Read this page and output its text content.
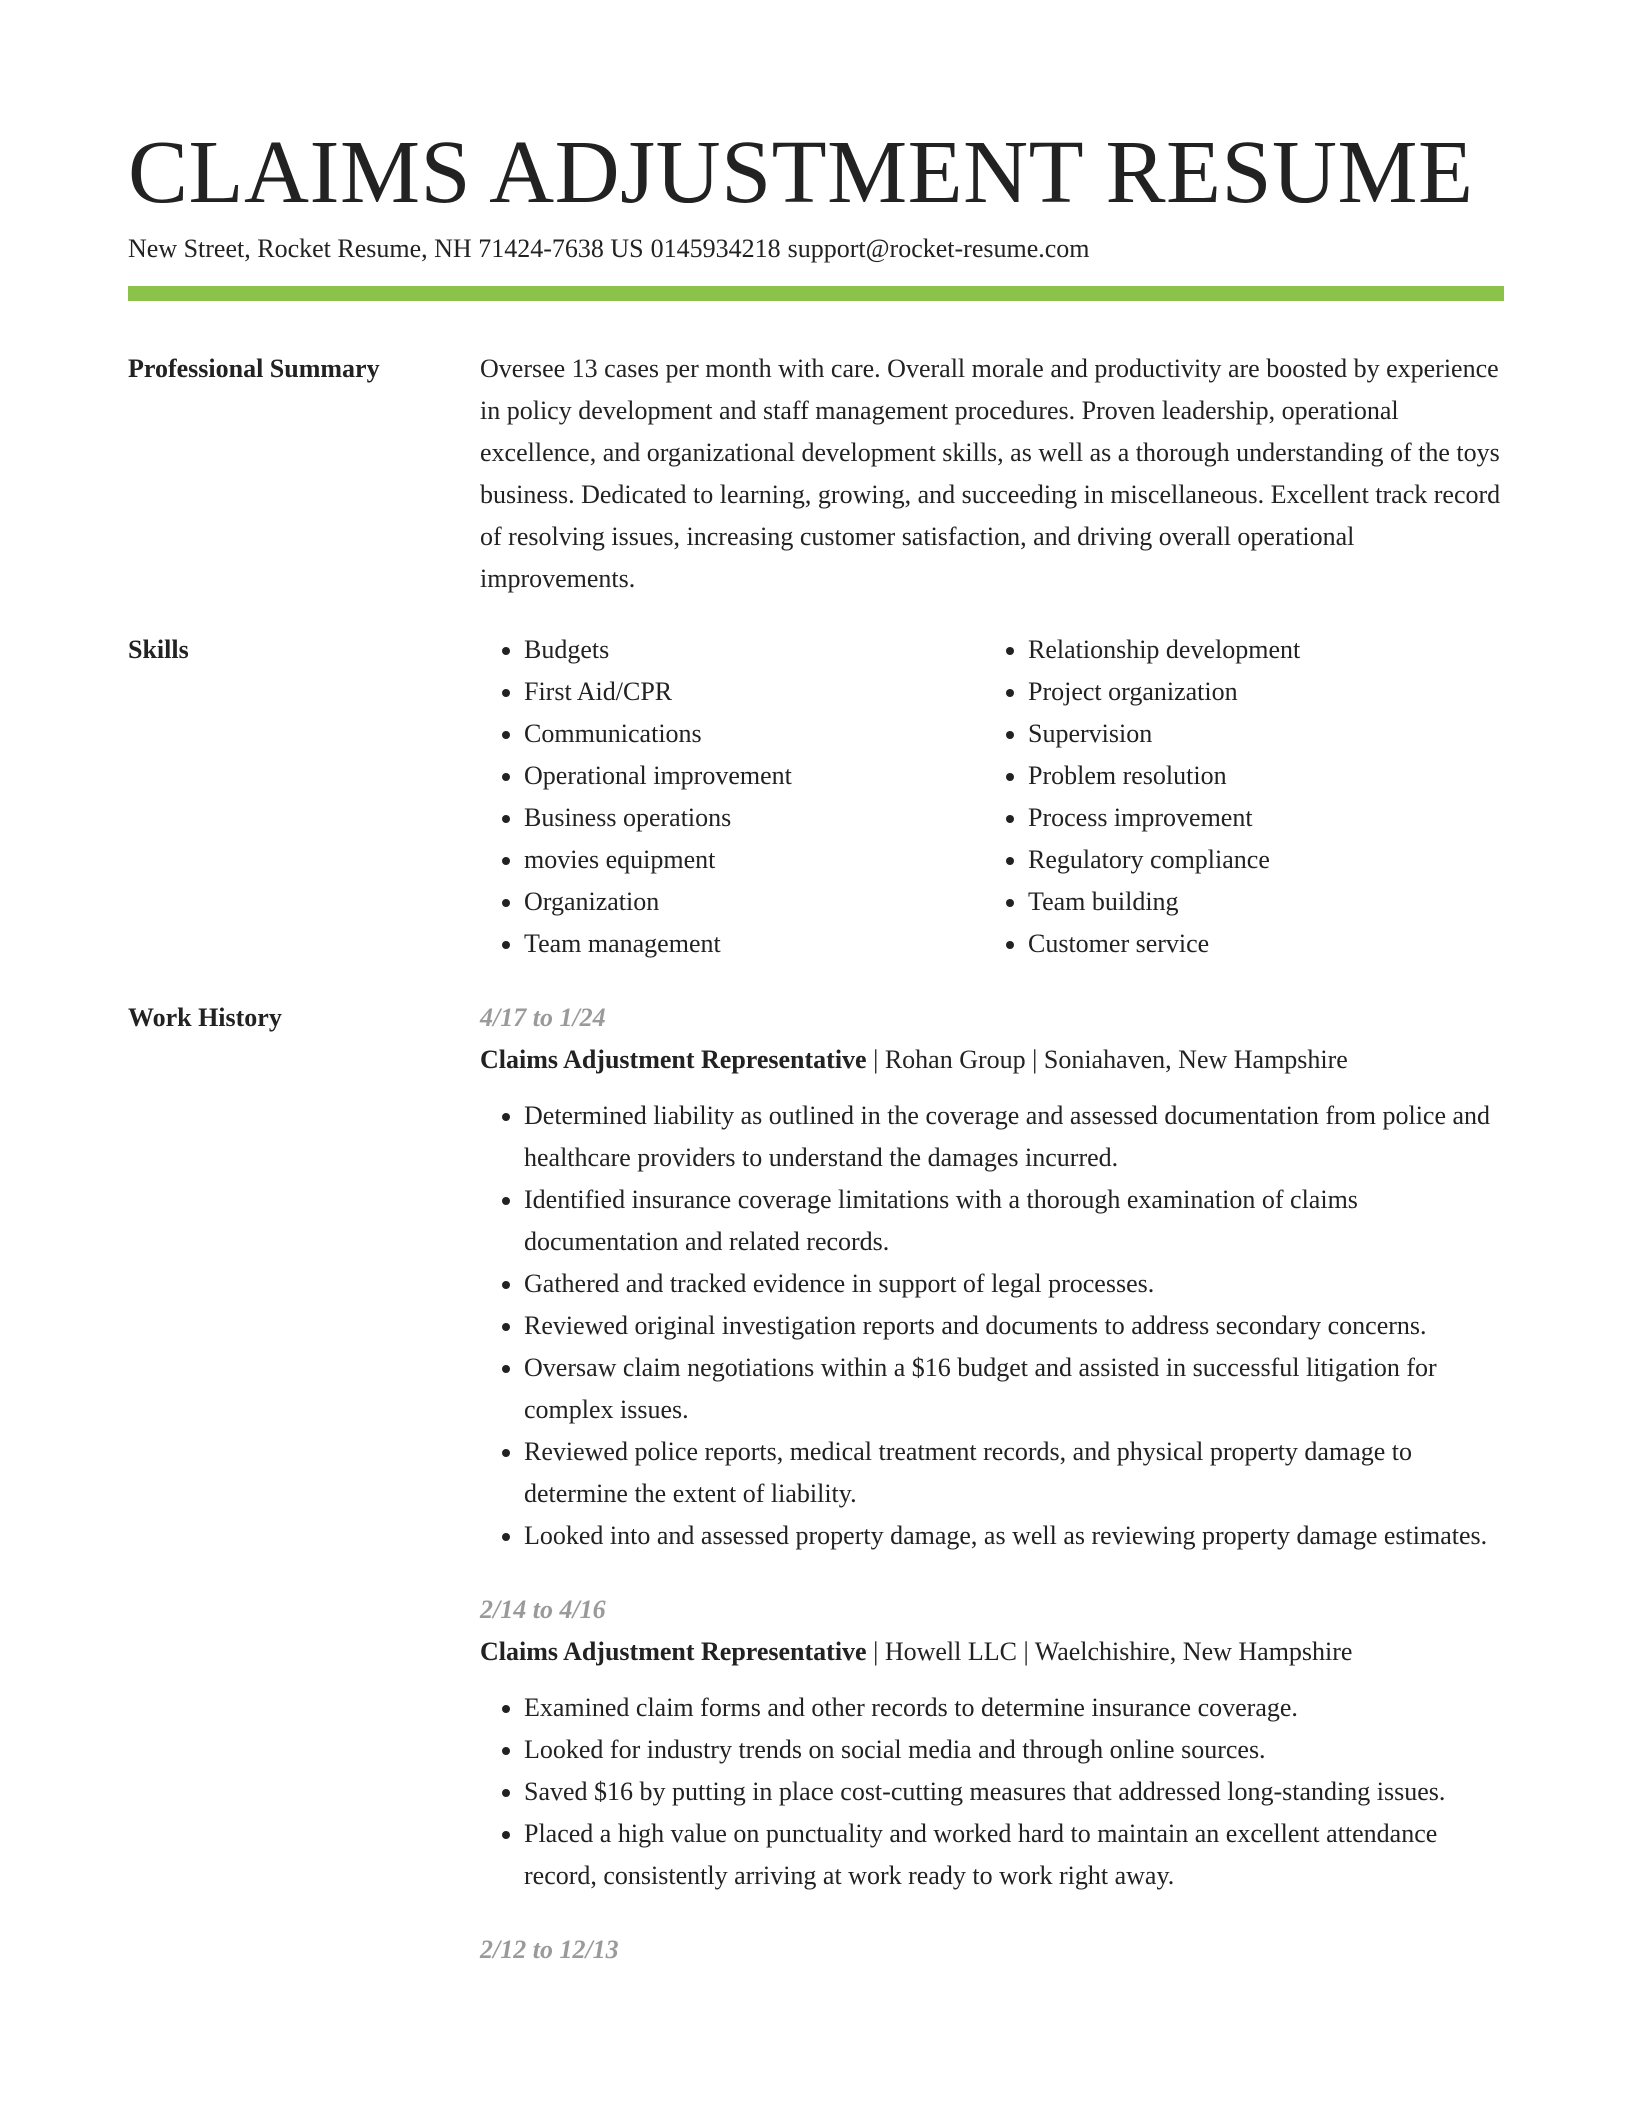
CLAIMS ADJUSTMENT RESUME
New Street, Rocket Resume, NH 71424-7638 US 0145934218 support@rocket-resume.com
Professional Summary	Oversee 13 cases per month with care. Overall morale and productivity are boosted by experience in policy development and staff management procedures. Proven leadership, operational excellence, and organizational development skills, as well as a thorough understanding of the toys business. Dedicated to learning, growing, and succeeding in miscellaneous. Excellent track record of resolving issues, increasing customer satisfaction, and driving overall operational improvements.

Skills
•	Budgets
• First Aid/CPR
• Communications
• Operational improvement
• Business operations
• movies equipment
• Organization
• Team management
• Relationship development
• Project organization
• Supervision
• Problem resolution
• Process improvement
• Regulatory compliance
• Team building
• Customer service
Work History	4/17 to 1/24
Claims Adjustment Representative | Rohan Group | Soniahaven, New Hampshire
• Determined liability as outlined in the coverage and assessed documentation from police and healthcare providers to understand the damages incurred.
• Identified insurance coverage limitations with a thorough examination of claims documentation and related records.
• Gathered and tracked evidence in support of legal processes.
• Reviewed original investigation reports and documents to address secondary concerns.
• Oversaw claim negotiations within a $16 budget and assisted in successful litigation for complex issues.
• Reviewed police reports, medical treatment records, and physical property damage to determine the extent of liability.
• Looked into and assessed property damage, as well as reviewing property damage estimates.
2/14 to 4/16
Claims Adjustment Representative | Howell LLC | Waelchishire, New Hampshire
• Examined claim forms and other records to determine insurance coverage.
• Looked for industry trends on social media and through online sources.
• Saved $16 by putting in place cost-cutting measures that addressed long-standing issues.
• Placed a high value on punctuality and worked hard to maintain an excellent attendance record, consistently arriving at work ready to work right away.
2/12 to 12/13
